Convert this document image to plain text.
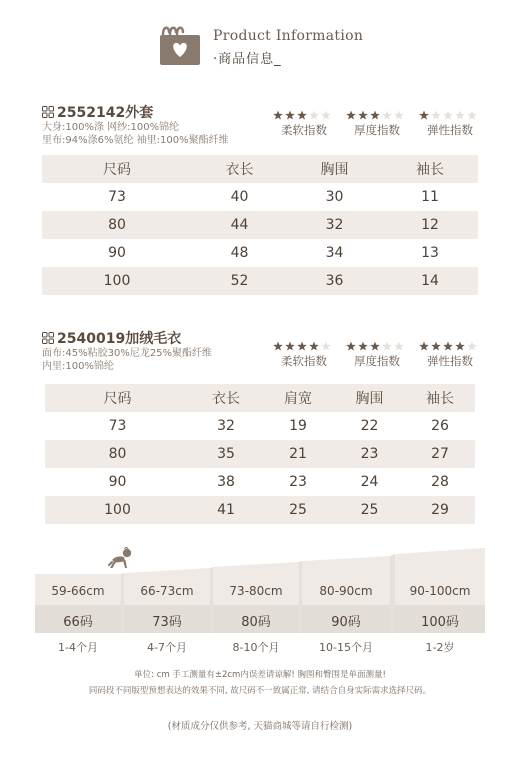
Product Information
·商品信息_
2552142外套
大身:100%涤 网纱:100%锦纶
里布:94%涤6%氨纶 袖里:100%聚酯纤维
柔软指数	厚度指数	弹性指数
尺码	衣长	胸围	袖长
73	40	30	11
80	44	32	12
90	48	34	13
100	52	36	14
2540019加绒毛衣
面布:45%粘胶30%尼龙25%聚酯纤维
内里:100%锦纶	柔软指数	厚度指数	弹性指数
尺码	衣长	肩宽	胸围	袖长
73	32	19	22	26
80	35	21	23	27
90	38	23	24	28
100	41	25	25	29
59-66cm	66-73cm	73-80cm	80-90cm	90-100cm
66码	73码	80码	90码	100码
1-4个月	4-7个月	8-10个月	10-15个月	1-2岁
单位: cm 手工测量有±2cm内误差请谅解! 胸围和臀围是单面测量!
同码段不同版型预想表达的效果不同, 故尺码不一致属正常, 请结合自身实际需求选择尺码。
(材质成分仅供参考, 天猫商城等请自行检测)
